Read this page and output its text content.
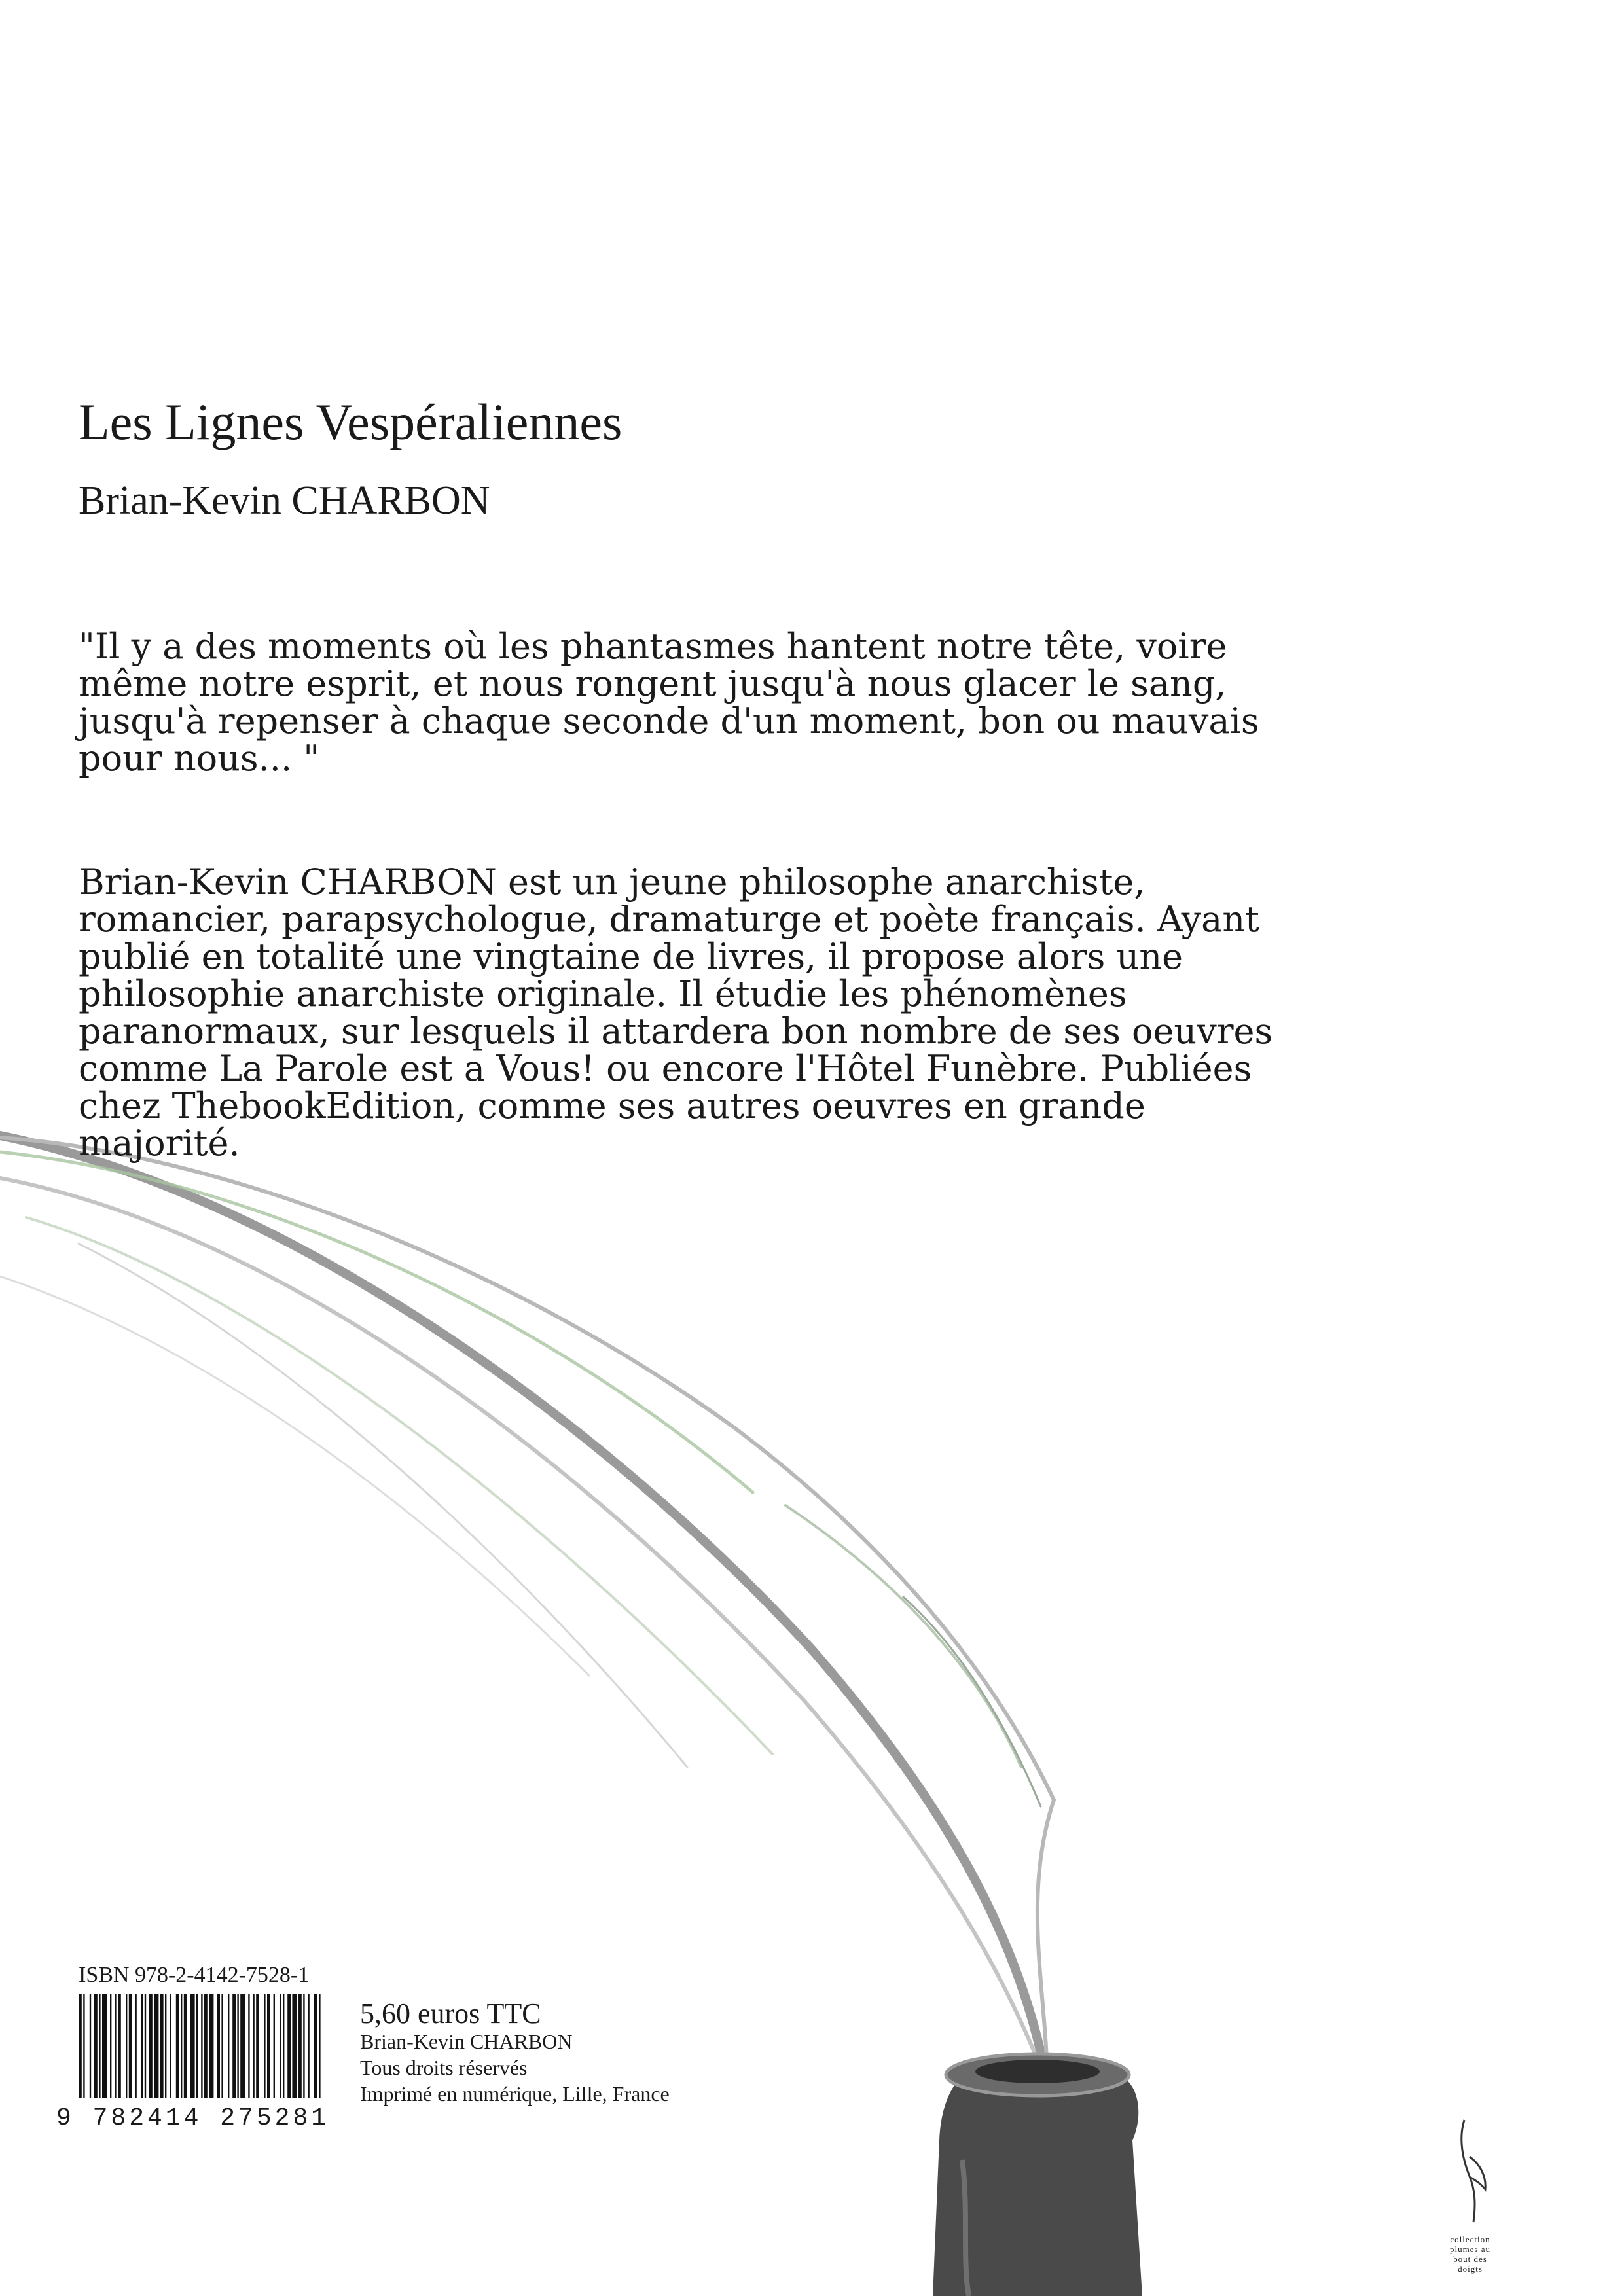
Les Lignes Vespéraliennes
Brian-Kevin CHARBON

"Il y a des moments où les phantasmes hantent notre tête, voire même notre esprit, et nous rongent jusqu'à nous glacer le sang, jusqu'à repenser à chaque seconde d'un moment, bon ou mauvais pour nous... "

Brian-Kevin CHARBON est un jeune philosophe anarchiste, romancier, parapsychologue, dramaturge et poète français. Ayant publié en totalité une vingtaine de livres, il propose alors une philosophie anarchiste originale. Il étudie les phénomènes paranormaux, sur lesquels il attardera bon nombre de ses oeuvres comme La Parole est a Vous! ou encore l'Hôtel Funèbre. Publiées chez ThebookEdition, comme ses autres oeuvres en grande majorité.

ISBN 978-2-4142-7528-1
9 782414 275281
5,60 euros TTC
Brian-Kevin CHARBON
Tous droits réservés
Imprimé en numérique, Lille, France
collection
plumes au
bout des
doigts
